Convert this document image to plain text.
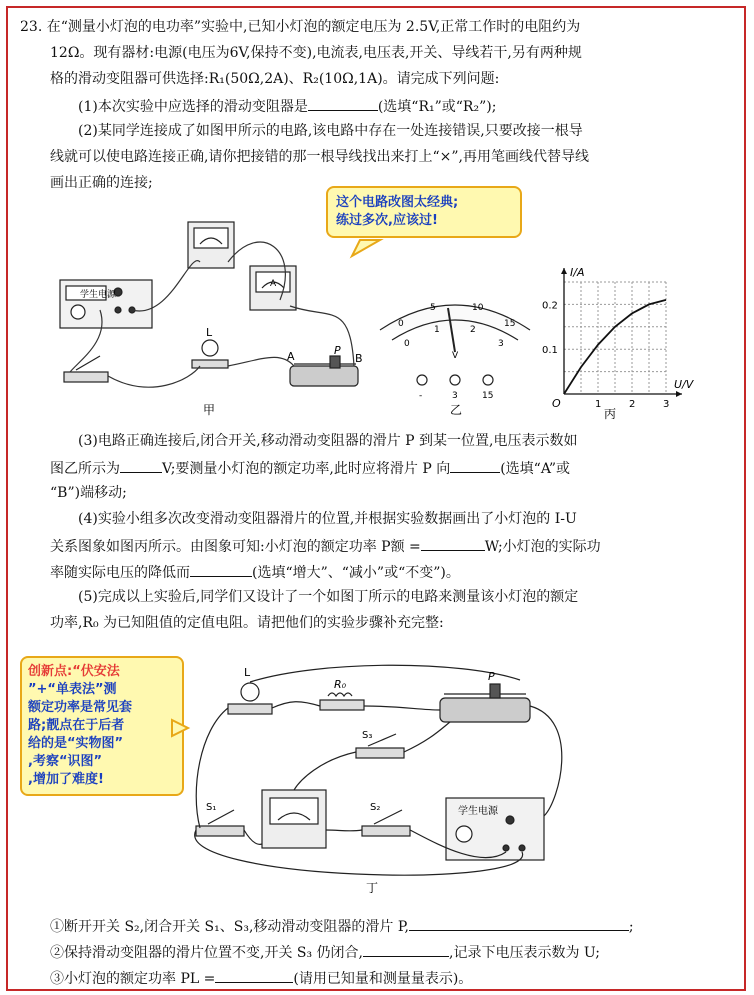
23. 在“测量小灯泡的电功率”实验中,已知小灯泡的额定电压为 2.5V,正常工作时的电阻约为
12Ω。现有器材:电源(电压为6V,保持不变),电流表,电压表,开关、导线若干,另有两种规
格的滑动变阻器可供选择:R₁(50Ω,2A)、R₂(10Ω,1A)。请完成下列问题:
(1)本次实验中应选择的滑动变阻器是	(选填“R₁”或“R₂”);
(2)某同学连接成了如图甲所示的电路,该电路中存在一处连接错误,只要改接一根导
线就可以使电路连接正确,请你把接错的那一根导线找出来打上“×”,再用笔画线代替导线
画出正确的连接;
这个电路改图太经典;
练过多次,应该过!
学生电源
L
A	B
P
A
甲
0
5	10
15
0
1	2
3
V
-	3	15
乙	1	2	3
0.1
0.2
U/V
I/A
O
丙
(3)电路正确连接后,闭合开关,移动滑动变阻器的滑片 P 到某一位置,电压表示数如
图乙所示为	V;要测量小灯泡的额定功率,此时应将滑片 P 向	(选填“A”或
“B”)端移动;
(4)实验小组多次改变滑动变阻器滑片的位置,并根据实验数据画出了小灯泡的 I-U
关系图象如图丙所示。由图象可知:小灯泡的额定功率 P额 =	W;小灯泡的实际功
率随实际电压的降低而	(选填“增大”、“减小”或“不变”)。
(5)完成以上实验后,同学们又设计了一个如图丁所示的电路来测量该小灯泡的额定
功率,R₀ 为已知阻值的定值电阻。请把他们的实验步骤补充完整:
创新点:“伏安法
”+“单表法”测
额定功率是常见套
路;靓点在于后者
给的是“实物图”
,考察“识图”
,增加了难度!
L
R₀
P
S₃
S₁	S₂	学生电源
丁
①断开开关 S₂,闭合开关 S₁、S₃,移动滑动变阻器的滑片 P,	;
②保持滑动变阻器的滑片位置不变,开关 S₃ 仍闭合,	,记录下电压表示数为 U;
③小灯泡的额定功率 PL =	(请用已知量和测量量表示)。
